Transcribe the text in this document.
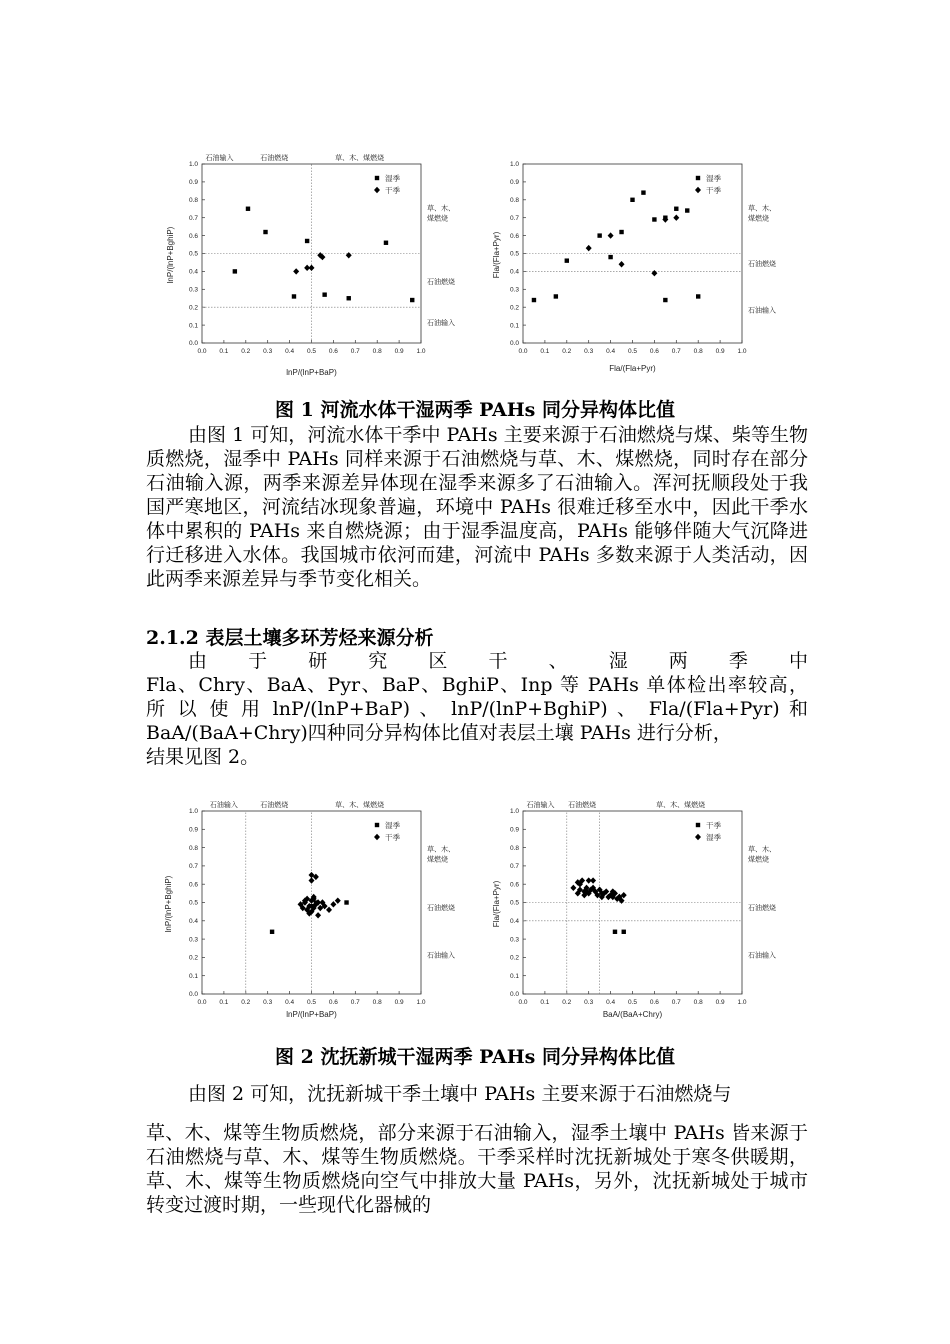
0.0 0.1 0.2 0.3 0.4 0.5 0.6 0.7 0.8 0.9 1.0
0.0
0.1
0.2
0.3
0.4
0.5
0.6
0.7
0.8
0.9
1.0
石油输入	石油燃烧	草、木、煤燃烧
草、木、
煤燃烧
石油燃烧
石油输入
lnP/(lnP+BaP)
lnP/(lnP+BghiP)
湿季
干季
0.0 0.1 0.2 0.3 0.4 0.5 0.6 0.7 0.8 0.9 1.0
0.0
0.1
0.2
0.3
0.4
0.5
0.6
0.7
0.8
0.9
1.0
草、木、
煤燃烧
石油燃烧
石油输入
Fla/(Fla+Pyr)
Fla/(Fla+Pyr)
湿季
干季
图 1 河流水体干湿两季 PAHs 同分异构体比值
由图 1 可知，河流水体干季中 PAHs 主要来源于石油燃烧与煤、柴等生物质燃烧，湿季中 PAHs 同样来源于石油燃烧与草、木、煤燃烧，同时存在部分石油输入源，两季来源差异体现在湿季来源多了石油输入。浑河抚顺段处于我国严寒地区，河流结冰现象普遍，环境中 PAHs 很难迁移至水中，因此干季水体中累积的 PAHs 来自燃烧源；由于湿季温度高，PAHs 能够伴随大气沉降进行迁移进入水体。我国城市依河而建，河流中 PAHs 多数来源于人类活动，因此两季来源差异与季节变化相关。
2.1.2 表层土壤多环芳烃来源分析
由 于 研 究 区 干 、 湿 两 季 中
Fla、Chry、BaA、Pyr、BaP、BghiP、Inp 等 PAHs 单体检出率较高，
所 以 使 用 lnP/(lnP+BaP) 、 lnP/(lnP+BghiP) 、 Fla/(Fla+Pyr) 和
BaA/(BaA+Chry)四种同分异构体比值对表层土壤 PAHs 进行分析，
结果见图 2。
0.0 0.1 0.2 0.3 0.4 0.5 0.6 0.7 0.8 0.9 1.0
0.0
0.1
0.2
0.3
0.4
0.5
0.6
0.7
0.8
0.9
1.0
石油输入	石油燃烧	草、木、煤燃烧
草、木、
煤燃烧
石油燃烧
石油输入
lnP/(lnP+BaP)
lnP/(lnP+BghiP)
湿季
干季
0.0 0.1 0.2 0.3 0.4 0.5 0.6 0.7 0.8 0.9 1.0
0.0
0.1
0.2
0.3
0.4
0.5
0.6
0.7
0.8
0.9
1.0
石油输入 石油燃烧	草、木、煤燃烧
草、木、
煤燃烧
石油燃烧
石油输入
BaA/(BaA+Chry)
Fla/(Fla+Pyr)
干季
湿季
图 2 沈抚新城干湿两季 PAHs 同分异构体比值
由图 2 可知，沈抚新城干季土壤中 PAHs 主要来源于石油燃烧与
草、木、煤等生物质燃烧，部分来源于石油输入，湿季土壤中 PAHs 皆来源于石油燃烧与草、木、煤等生物质燃烧。干季采样时沈抚新城处于寒冬供暖期，草、木、煤等生物质燃烧向空气中排放大量 PAHs，另外，沈抚新城处于城市转变过渡时期，一些现代化器械的
